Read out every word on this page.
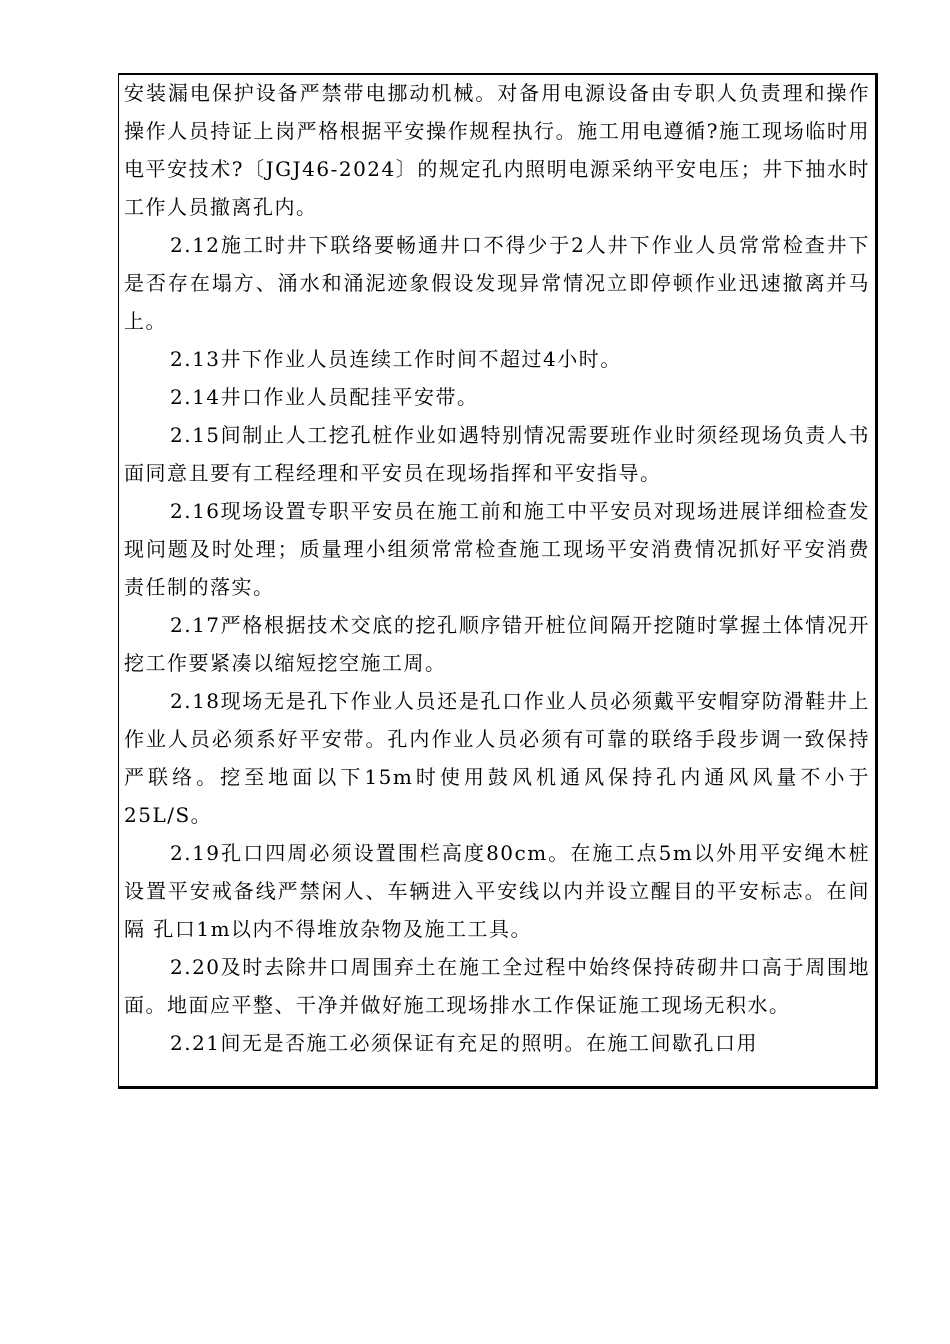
安装漏电保护设备严禁带电挪动机械。对备用电源设备由专职人负责理和操作操作人员持证上岗严格根据平安操作规程执行。施工用电遵循?施工现场临时用电平安技术?〔JGJ46-2024〕的规定孔内照明电源采纳平安电压；井下抽水时工作人员撤离孔内。

2.12施工时井下联络要畅通井口不得少于2人井下作业人员常常检查井下是否存在塌方、涌水和涌泥迹象假设发现异常情况立即停顿作业迅速撤离并马上。

2.13井下作业人员连续工作时间不超过4小时。

2.14井口作业人员配挂平安带。

2.15间制止人工挖孔桩作业如遇特别情况需要班作业时须经现场负责人书面同意且要有工程经理和平安员在现场指挥和平安指导。

2.16现场设置专职平安员在施工前和施工中平安员对现场进展详细检查发现问题及时处理；质量理小组须常常检查施工现场平安消费情况抓好平安消费责任制的落实。

2.17严格根据技术交底的挖孔顺序错开桩位间隔开挖随时掌握土体情况开挖工作要紧凑以缩短挖空施工周。

2.18现场无是孔下作业人员还是孔口作业人员必须戴平安帽穿防滑鞋井上作业人员必须系好平安带。孔内作业人员必须有可靠的联络手段步调一致保持严联络。挖至地面以下15m时使用鼓风机通风保持孔内通风风量不小于25L/S。

2.19孔口四周必须设置围栏高度80cm。在施工点5m以外用平安绳木桩设置平安戒备线严禁闲人、车辆进入平安线以内并设立醒目的平安标志。在间隔 孔口1m以内不得堆放杂物及施工工具。

2.20及时去除井口周围弃土在施工全过程中始终保持砖砌井口高于周围地面。地面应平整、干净并做好施工现场排水工作保证施工现场无积水。

2.21间无是否施工必须保证有充足的照明。在施工间歇孔口用
